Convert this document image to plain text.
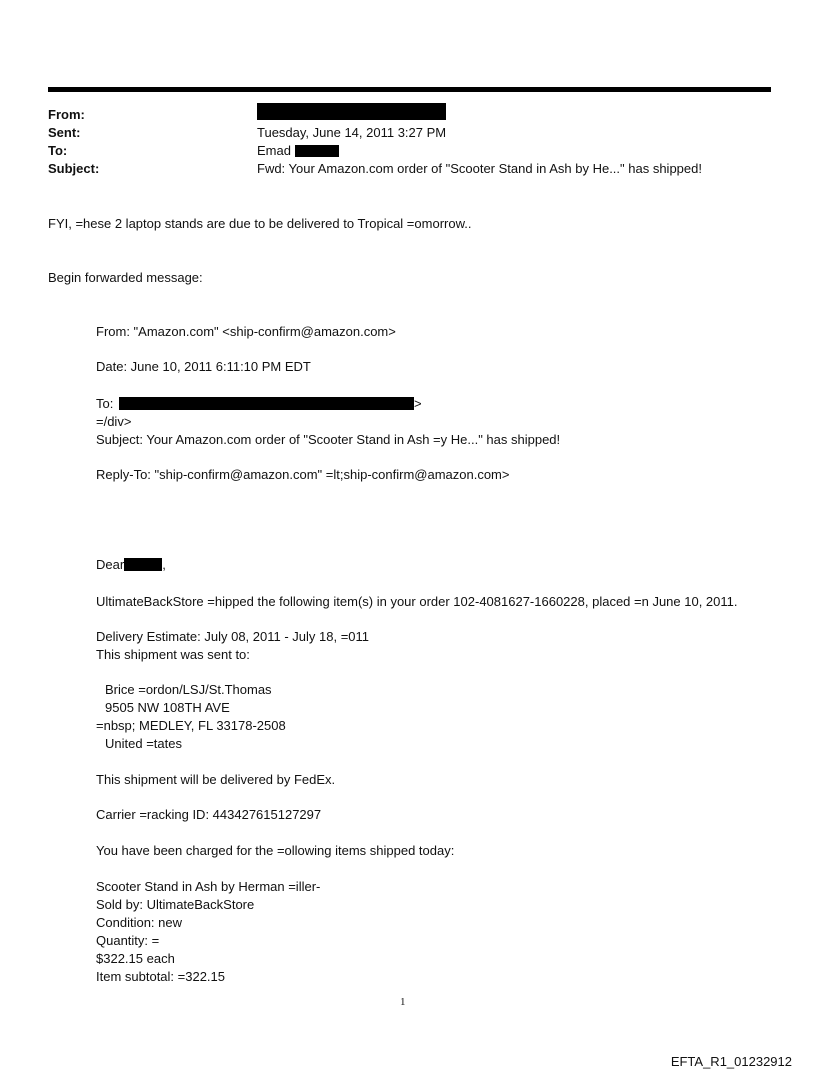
From:
Sent:	Tuesday, June 14, 2011 3:27 PM
To:	Emad
Subject:	Fwd: Your Amazon.com order of "Scooter Stand in Ash by He..." has shipped!
FYI, =hese 2 laptop stands are due to be delivered to Tropical =omorrow..
Begin forwarded message:
From: "Amazon.com" <ship-confirm@amazon.com>
Date: June 10, 2011 6:11:10 PM EDT
To:	>
=/div>
Subject: Your Amazon.com order of "Scooter Stand in Ash =y He..." has shipped!
Reply-To: "ship-confirm@amazon.com" =lt;ship-confirm@amazon.com>
Dear	,
UltimateBackStore =hipped the following item(s) in your order 102-4081627-1660228, placed =n June 10, 2011.
Delivery Estimate: July 08, 2011 - July 18, =011
This shipment was sent to:
Brice =ordon/LSJ/St.Thomas
9505 NW 108TH AVE
=nbsp; MEDLEY, FL 33178-2508
United =tates
This shipment will be delivered by FedEx.
Carrier =racking ID: 443427615127297
You have been charged for the =ollowing items shipped today:
Scooter Stand in Ash by Herman =iller-
Sold by: UltimateBackStore
Condition: new
Quantity: =
$322.15 each
Item subtotal: =322.15
1
EFTA_R1_01232912
